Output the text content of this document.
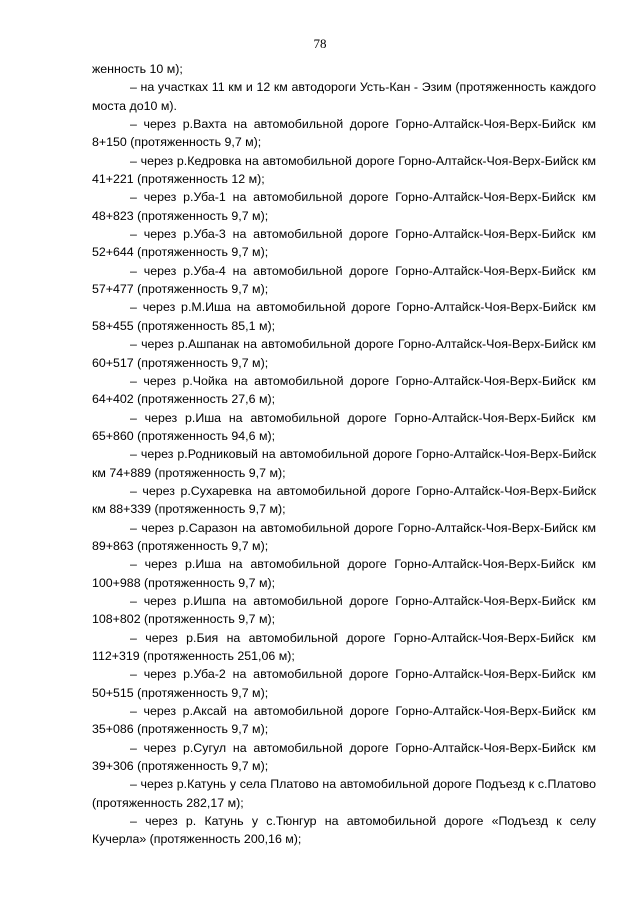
78

женность 10 м);

– на участках 11 км и 12 км автодороги Усть-Кан - Эзим (протяженность каждого моста до10 м).

– через р.Вахта на автомобильной дороге Горно-Алтайск-Чоя-Верх-Бийск км 8+150 (протяженность 9,7 м);

– через р.Кедровка на автомобильной дороге Горно-Алтайск-Чоя-Верх-Бийск км 41+221 (протяженность 12 м);

– через р.Уба-1 на автомобильной дороге Горно-Алтайск-Чоя-Верх-Бийск км 48+823 (протяженность 9,7 м);

– через р.Уба-3 на автомобильной дороге Горно-Алтайск-Чоя-Верх-Бийск км 52+644 (протяженность 9,7 м);

– через р.Уба-4 на автомобильной дороге Горно-Алтайск-Чоя-Верх-Бийск км 57+477 (протяженность 9,7 м);

– через р.М.Иша на автомобильной дороге Горно-Алтайск-Чоя-Верх-Бийск км 58+455 (протяженность 85,1 м);

– через р.Ашпанак на автомобильной дороге Горно-Алтайск-Чоя-Верх-Бийск км 60+517 (протяженность 9,7 м);

– через р.Чойка на автомобильной дороге Горно-Алтайск-Чоя-Верх-Бийск км 64+402 (протяженность 27,6 м);

– через р.Иша на автомобильной дороге Горно-Алтайск-Чоя-Верх-Бийск км 65+860 (протяженность 94,6 м);

– через р.Родниковый на автомобильной дороге Горно-Алтайск-Чоя-Верх-Бийск км 74+889 (протяженность 9,7 м);

– через р.Сухаревка на автомобильной дороге Горно-Алтайск-Чоя-Верх-Бийск км 88+339 (протяженность 9,7 м);

– через р.Саразон на автомобильной дороге Горно-Алтайск-Чоя-Верх-Бийск км 89+863 (протяженность 9,7 м);

– через р.Иша на автомобильной дороге Горно-Алтайск-Чоя-Верх-Бийск км 100+988 (протяженность 9,7 м);

– через р.Ишпа на автомобильной дороге Горно-Алтайск-Чоя-Верх-Бийск км 108+802 (протяженность 9,7 м);

– через р.Бия на автомобильной дороге Горно-Алтайск-Чоя-Верх-Бийск км 112+319 (протяженность 251,06 м);

– через р.Уба-2 на автомобильной дороге Горно-Алтайск-Чоя-Верх-Бийск км 50+515 (протяженность 9,7 м);

– через р.Аксай на автомобильной дороге Горно-Алтайск-Чоя-Верх-Бийск км 35+086 (протяженность 9,7 м);

– через р.Сугул на автомобильной дороге Горно-Алтайск-Чоя-Верх-Бийск км 39+306 (протяженность 9,7 м);

– через р.Катунь у села Платово на автомобильной дороге Подъезд к с.Платово (протяженность 282,17 м);

– через р. Катунь у с.Тюнгур на автомобильной дороге «Подъезд к селу Кучерла» (протяженность 200,16 м);
